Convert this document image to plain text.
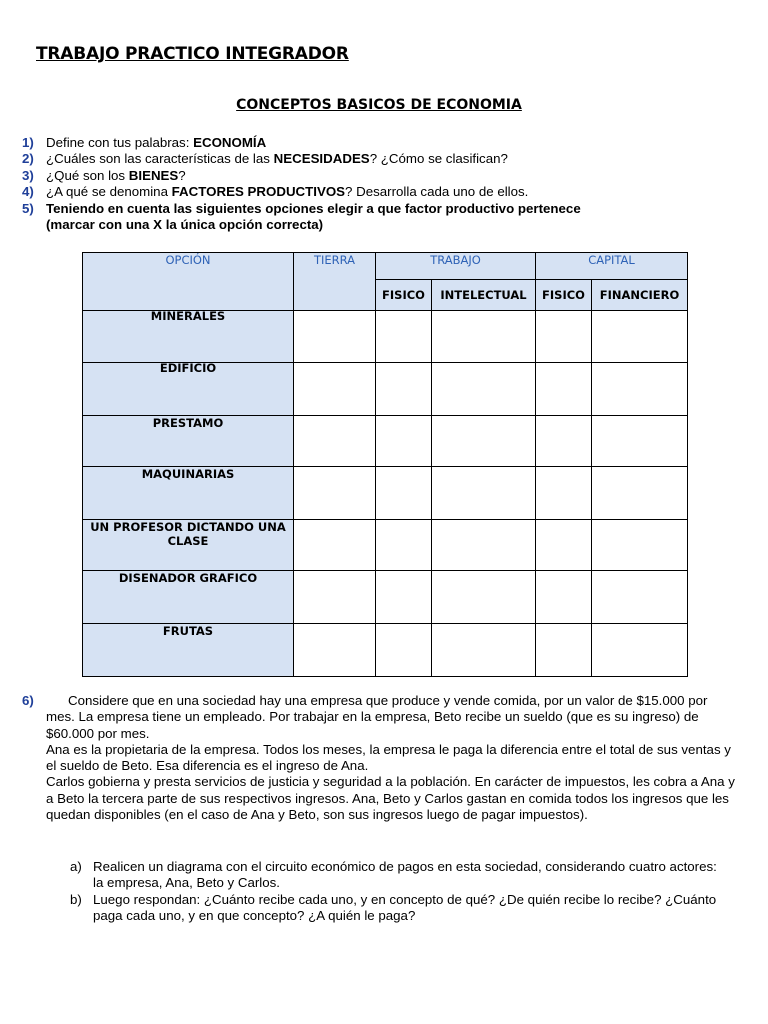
TRABAJO PRACTICO INTEGRADOR
CONCEPTOS BASICOS DE ECONOMIA
1) Define con tus palabras: ECONOMÍA
2) ¿Cuáles son las características de las NECESIDADES? ¿Cómo se clasifican?
3) ¿Qué son los BIENES?
4) ¿A qué se denomina FACTORES PRODUCTIVOS? Desarrolla cada uno de ellos.
5) Teniendo en cuenta las siguientes opciones elegir a que factor productivo pertenece (marcar con una X la única opción correcta)
OPCIÓN	TIERRA	TRABAJO		CAPITAL	
		FISICO	INTELECTUAL	FISICO	FINANCIERO

MINERALES					

EDIFICIO					

PRESTAMO					

MAQUINARIAS					

UN PROFESOR DICTANDO UNA CLASE					

DISENADOR GRAFICO					

FRUTAS					

6)	Considere que en una sociedad hay una empresa que produce y vende comida, por un valor de $15.000 por mes. La empresa tiene un empleado. Por trabajar en la empresa, Beto recibe un sueldo (que es su ingreso) de $60.000 por mes.

Ana es la propietaria de la empresa. Todos los meses, la empresa le paga la diferencia entre el total de sus ventas y el sueldo de Beto. Esa diferencia es el ingreso de Ana.

Carlos gobierna y presta servicios de justicia y seguridad a la población. En carácter de impuestos, les cobra a Ana y a Beto la tercera parte de sus respectivos ingresos. Ana, Beto y Carlos gastan en comida todos los ingresos que les quedan disponibles (en el caso de Ana y Beto, son sus ingresos luego de pagar impuestos).

a) Realicen un diagrama con el circuito económico de pagos en esta sociedad, considerando cuatro actores: la empresa, Ana, Beto y Carlos.
b) Luego respondan: ¿Cuánto recibe cada uno, y en concepto de qué? ¿De quién recibe lo recibe? ¿Cuánto paga cada uno, y en que concepto? ¿A quién le paga?
